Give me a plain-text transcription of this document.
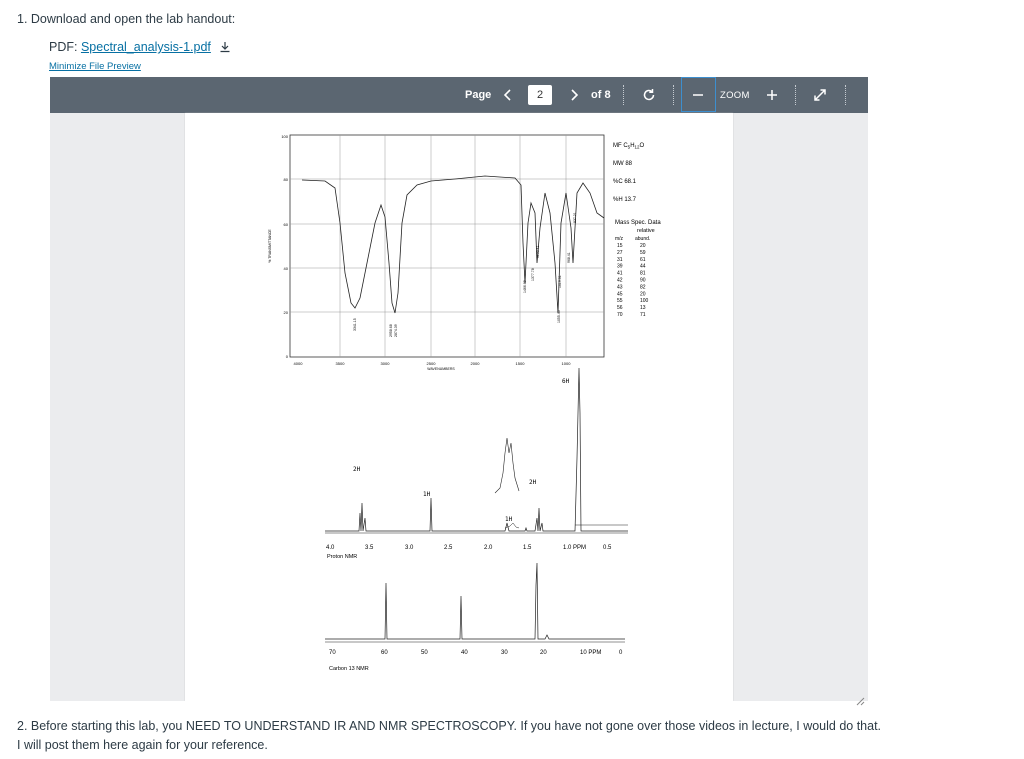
1. Download and open the lab handout:
PDF: Spectral_analysis-1.pdf
Minimize File Preview
Page	2	of 8	ZOOM
100
80
60
40
20
0
4000	3500	3000	2500	2000	1500	1000
WAVENUMBERS
% TRANSMITTANCE
3341.15	2958.68 2874.39
1466.69
1377.78
1055.45
1133.41
1019.31
968.41
837.21
MF $C_5H_{12}O$
MW 88
%C 68.1
%H 13.7
Mass Spec. Data
relative
m/z abund.
15	20
27	59
31	61
39	44
41	81
42	90
43	82
45	20
55	100
56	13
70	71
2H
1H
2H
1H
6H
4.0	3.5	3.0	2.5	2.0	1.5	1.0 PPM	0.5
Proton NMR
70	60	50	40	30	20	10 PPM	0
Carbon 13 NMR
2. Before starting this lab, you NEED TO UNDERSTAND IR AND NMR SPECTROSCOPY. If you have not gone over those videos in lecture, I would do that.
I will post them here again for your reference.
